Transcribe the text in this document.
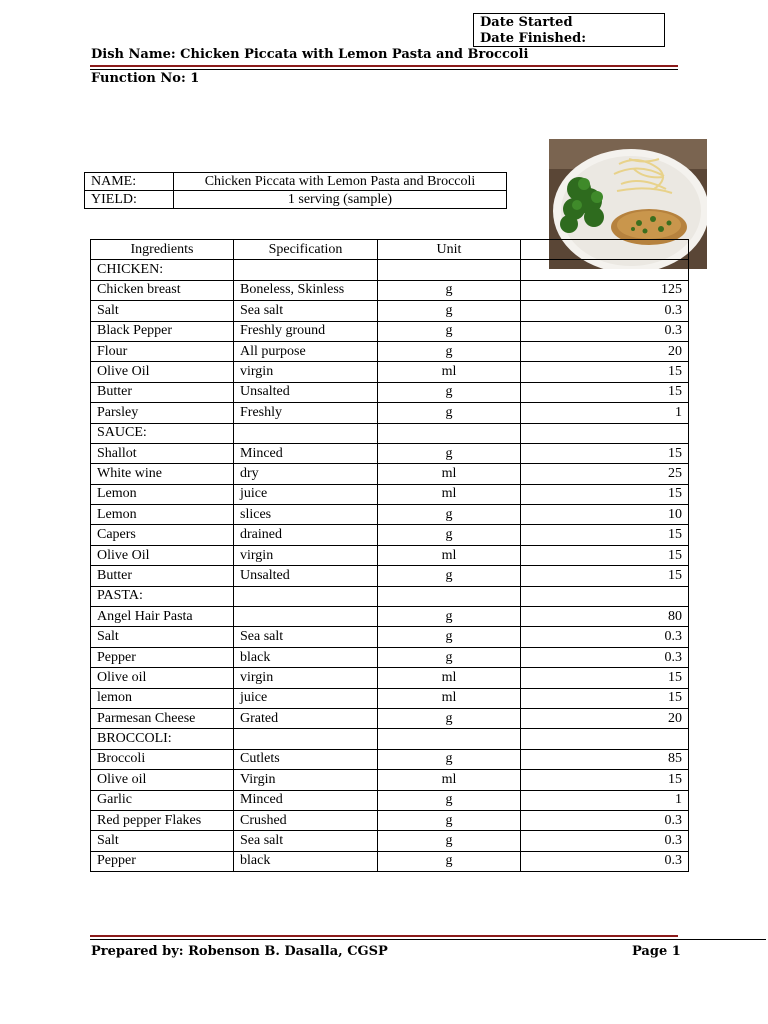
Date Started
Date Finished:
Dish Name: Chicken Piccata with Lemon Pasta and Broccoli
Function No: 1
NAME:	Chicken Piccata with Lemon Pasta and Broccoli
YIELD:	1 serving (sample)
Ingredients	Specification	Unit	
CHICKEN:			
Chicken breast	Boneless, Skinless	g	125
Salt	Sea salt	g	0.3
Black Pepper	Freshly ground	g	0.3
Flour	All purpose	g	20
Olive Oil	virgin	ml	15
Butter	Unsalted	g	15
Parsley	Freshly	g	1
SAUCE:			
Shallot	Minced	g	15
White wine	dry	ml	25
Lemon	juice	ml	15
Lemon	slices	g	10
Capers	drained	g	15
Olive Oil	virgin	ml	15
Butter	Unsalted	g	15
PASTA:			
Angel Hair Pasta		g	80
Salt	Sea salt	g	0.3
Pepper	black	g	0.3
Olive oil	virgin	ml	15
lemon	juice	ml	15
Parmesan Cheese	Grated	g	20
BROCCOLI:			
Broccoli	Cutlets	g	85
Olive oil	Virgin	ml	15
Garlic	Minced	g	1
Red pepper Flakes	Crushed	g	0.3
Salt	Sea salt	g	0.3
Pepper	black	g	0.3
Prepared by: Robenson B. Dasalla, CGSP	Page 1
